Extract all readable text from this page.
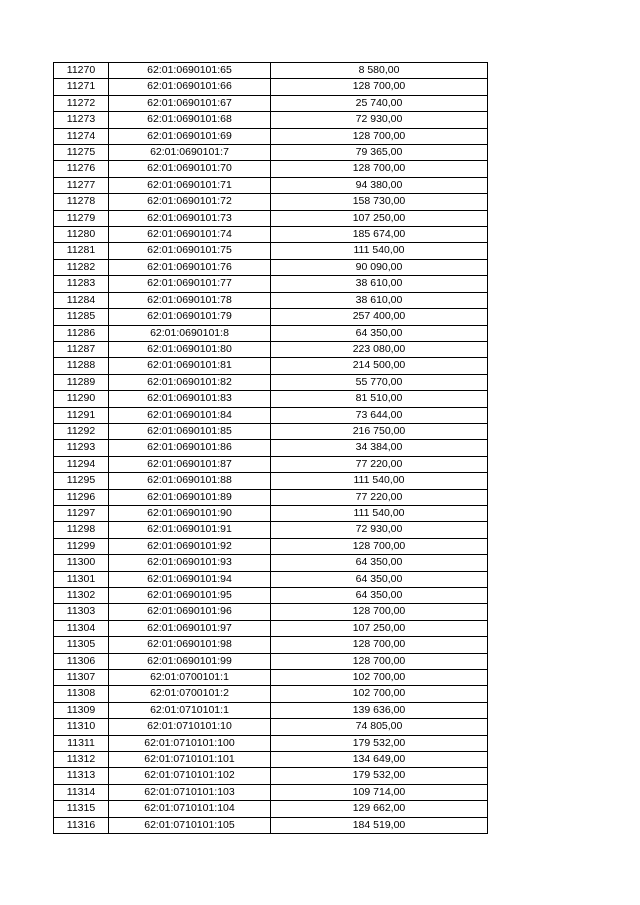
11270	62:01:0690101:65	8 580,00
11271	62:01:0690101:66	128 700,00
11272	62:01:0690101:67	25 740,00
11273	62:01:0690101:68	72 930,00
11274	62:01:0690101:69	128 700,00
11275	62:01:0690101:7	79 365,00
11276	62:01:0690101:70	128 700,00
11277	62:01:0690101:71	94 380,00
11278	62:01:0690101:72	158 730,00
11279	62:01:0690101:73	107 250,00
11280	62:01:0690101:74	185 674,00
11281	62:01:0690101:75	111 540,00
11282	62:01:0690101:76	90 090,00
11283	62:01:0690101:77	38 610,00
11284	62:01:0690101:78	38 610,00
11285	62:01:0690101:79	257 400,00
11286	62:01:0690101:8	64 350,00
11287	62:01:0690101:80	223 080,00
11288	62:01:0690101:81	214 500,00
11289	62:01:0690101:82	55 770,00
11290	62:01:0690101:83	81 510,00
11291	62:01:0690101:84	73 644,00
11292	62:01:0690101:85	216 750,00
11293	62:01:0690101:86	34 384,00
11294	62:01:0690101:87	77 220,00
11295	62:01:0690101:88	111 540,00
11296	62:01:0690101:89	77 220,00
11297	62:01:0690101:90	111 540,00
11298	62:01:0690101:91	72 930,00
11299	62:01:0690101:92	128 700,00
11300	62:01:0690101:93	64 350,00
11301	62:01:0690101:94	64 350,00
11302	62:01:0690101:95	64 350,00
11303	62:01:0690101:96	128 700,00
11304	62:01:0690101:97	107 250,00
11305	62:01:0690101:98	128 700,00
11306	62:01:0690101:99	128 700,00
11307	62:01:0700101:1	102 700,00
11308	62:01:0700101:2	102 700,00
11309	62:01:0710101:1	139 636,00
11310	62:01:0710101:10	74 805,00
11311	62:01:0710101:100	179 532,00
11312	62:01:0710101:101	134 649,00
11313	62:01:0710101:102	179 532,00
11314	62:01:0710101:103	109 714,00
11315	62:01:0710101:104	129 662,00
11316	62:01:0710101:105	184 519,00
